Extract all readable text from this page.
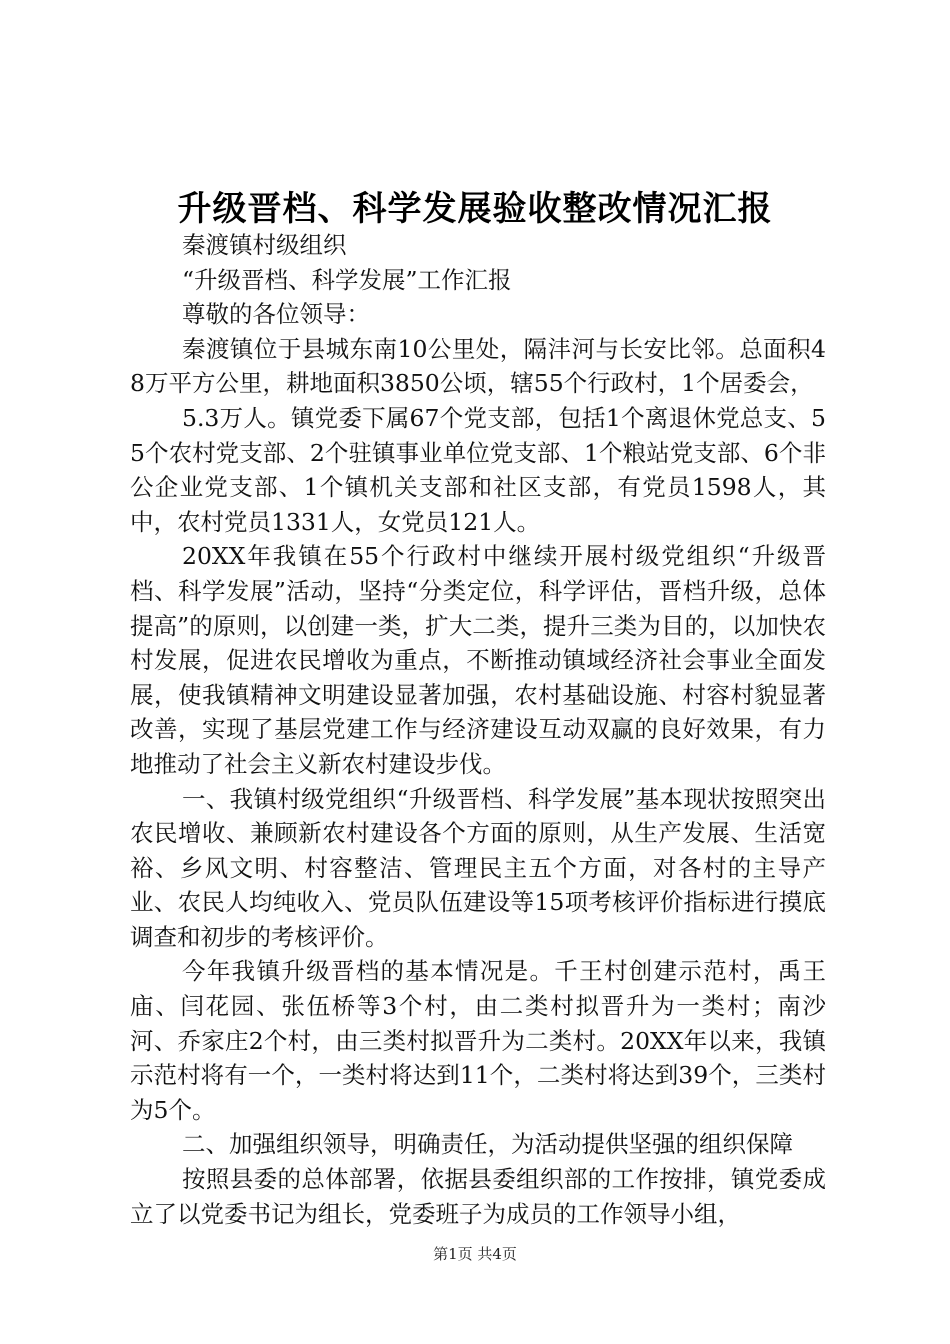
升级晋档、科学发展验收整改情况汇报

秦渡镇村级组织

“升级晋档、科学发展”工作汇报

尊敬的各位领导：

秦渡镇位于县城东南10公里处，隔沣河与长安比邻。总面积48万平方公里，耕地面积3850公顷，辖55个行政村，1个居委会，

5.3万人。镇党委下属67个党支部，包括1个离退休党总支、55个农村党支部、2个驻镇事业单位党支部、1个粮站党支部、6个非公企业党支部、1个镇机关支部和社区支部，有党员1598人，其中，农村党员1331人，女党员121人。

20XX年我镇在55个行政村中继续开展村级党组织“升级晋档、科学发展”活动，坚持“分类定位，科学评估，晋档升级，总体提高”的原则，以创建一类，扩大二类，提升三类为目的，以加快农村发展，促进农民增收为重点，不断推动镇域经济社会事业全面发展，使我镇精神文明建设显著加强，农村基础设施、村容村貌显著改善，实现了基层党建工作与经济建设互动双赢的良好效果，有力地推动了社会主义新农村建设步伐。

一、我镇村级党组织“升级晋档、科学发展”基本现状按照突出农民增收、兼顾新农村建设各个方面的原则，从生产发展、生活宽裕、乡风文明、村容整洁、管理民主五个方面，对各村的主导产业、农民人均纯收入、党员队伍建设等15项考核评价指标进行摸底调查和初步的考核评价。

今年我镇升级晋档的基本情况是。千王村创建示范村，禹王庙、闫花园、张伍桥等3个村，由二类村拟晋升为一类村；南沙河、乔家庄2个村，由三类村拟晋升为二类村。20XX年以来，我镇示范村将有一个，一类村将达到11个，二类村将达到39个，三类村为5个。

二、加强组织领导，明确责任，为活动提供坚强的组织保障

按照县委的总体部署，依据县委组织部的工作按排，镇党委成立了以党委书记为组长，党委班子为成员的工作领导小组，

第1页 共4页
